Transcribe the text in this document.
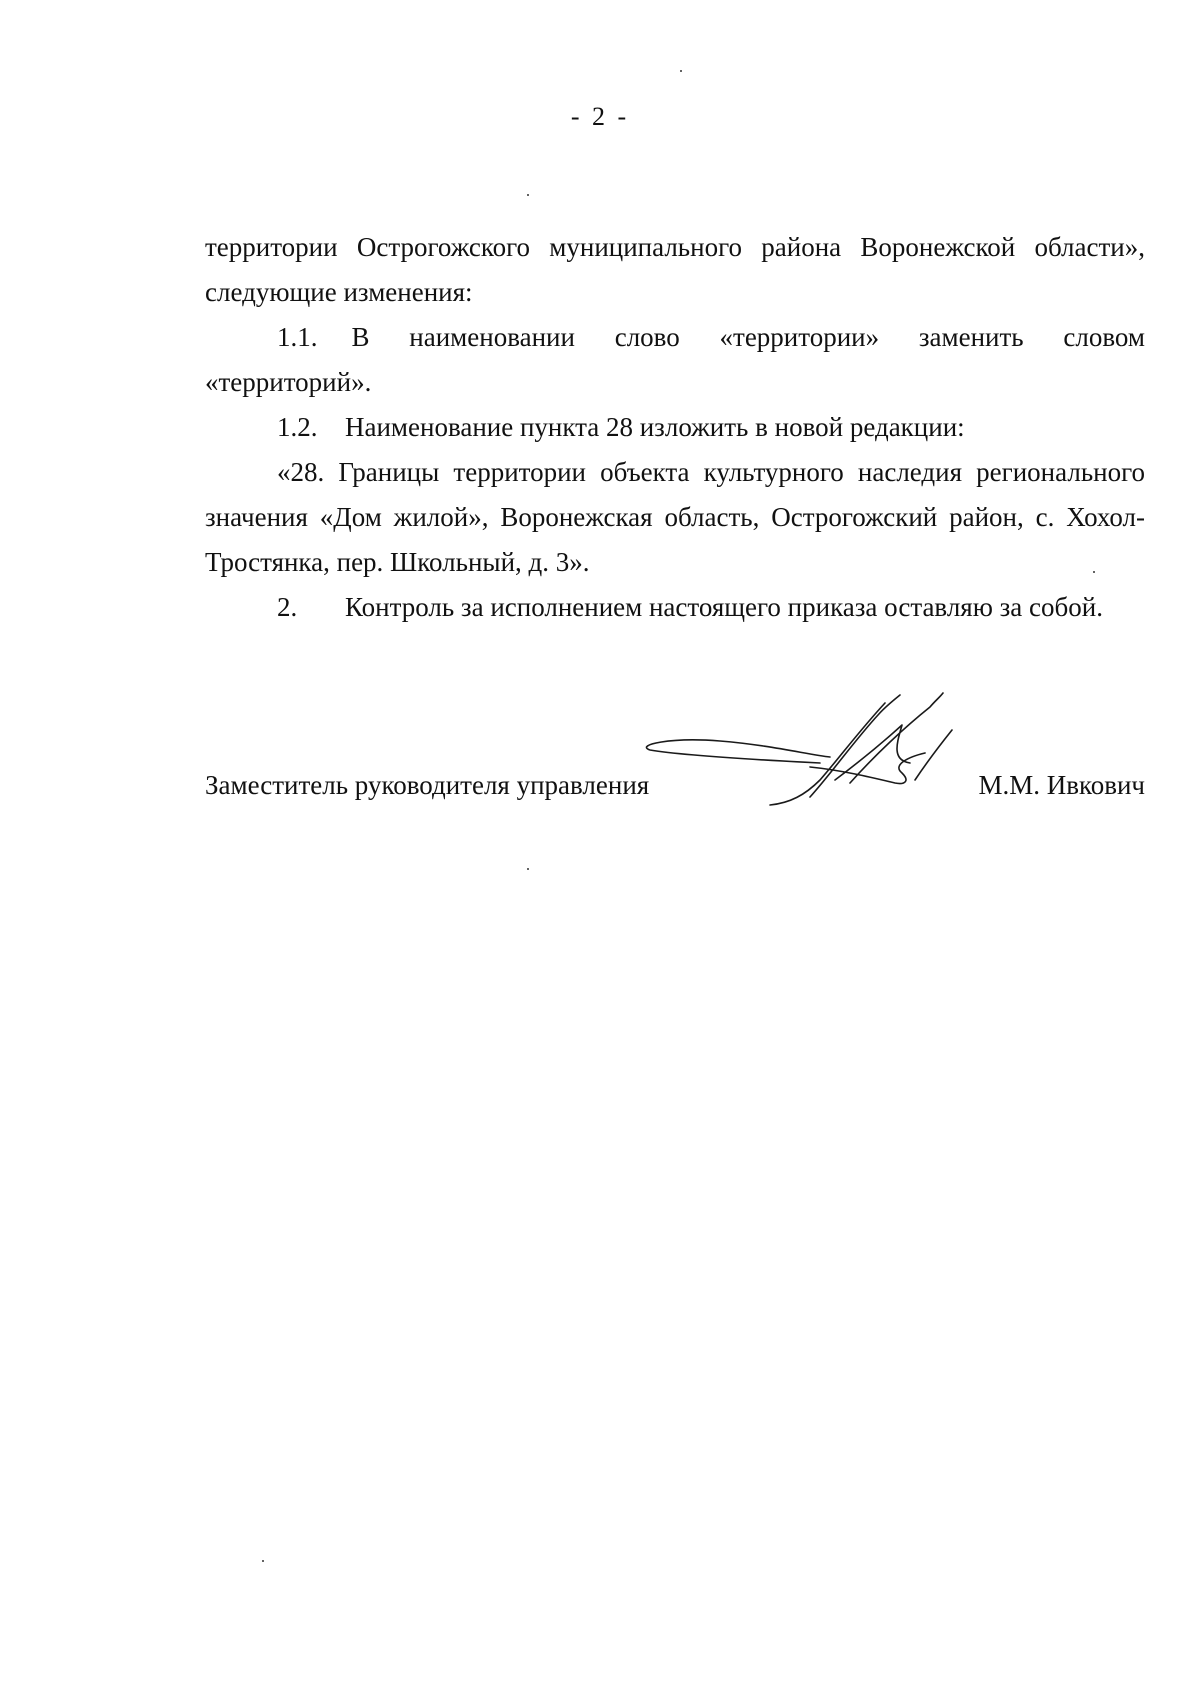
- 2 -

территории Острогожского муниципального района Воронежской области»,

следующие изменения:

1.1. В наименовании слово «территории» заменить словом «территорий».

1.2.	Наименование пункта 28 изложить в новой редакции:

«28. Границы территории объекта культурного наследия регионального значения «Дом жилой», Воронежская область, Острогожский район, с. Хохол-Тростянка, пер. Школьный, д. 3».

2.	Контроль за исполнением настоящего приказа оставляю за собой.
Заместитель руководителя управления	М.М. Ивкович
